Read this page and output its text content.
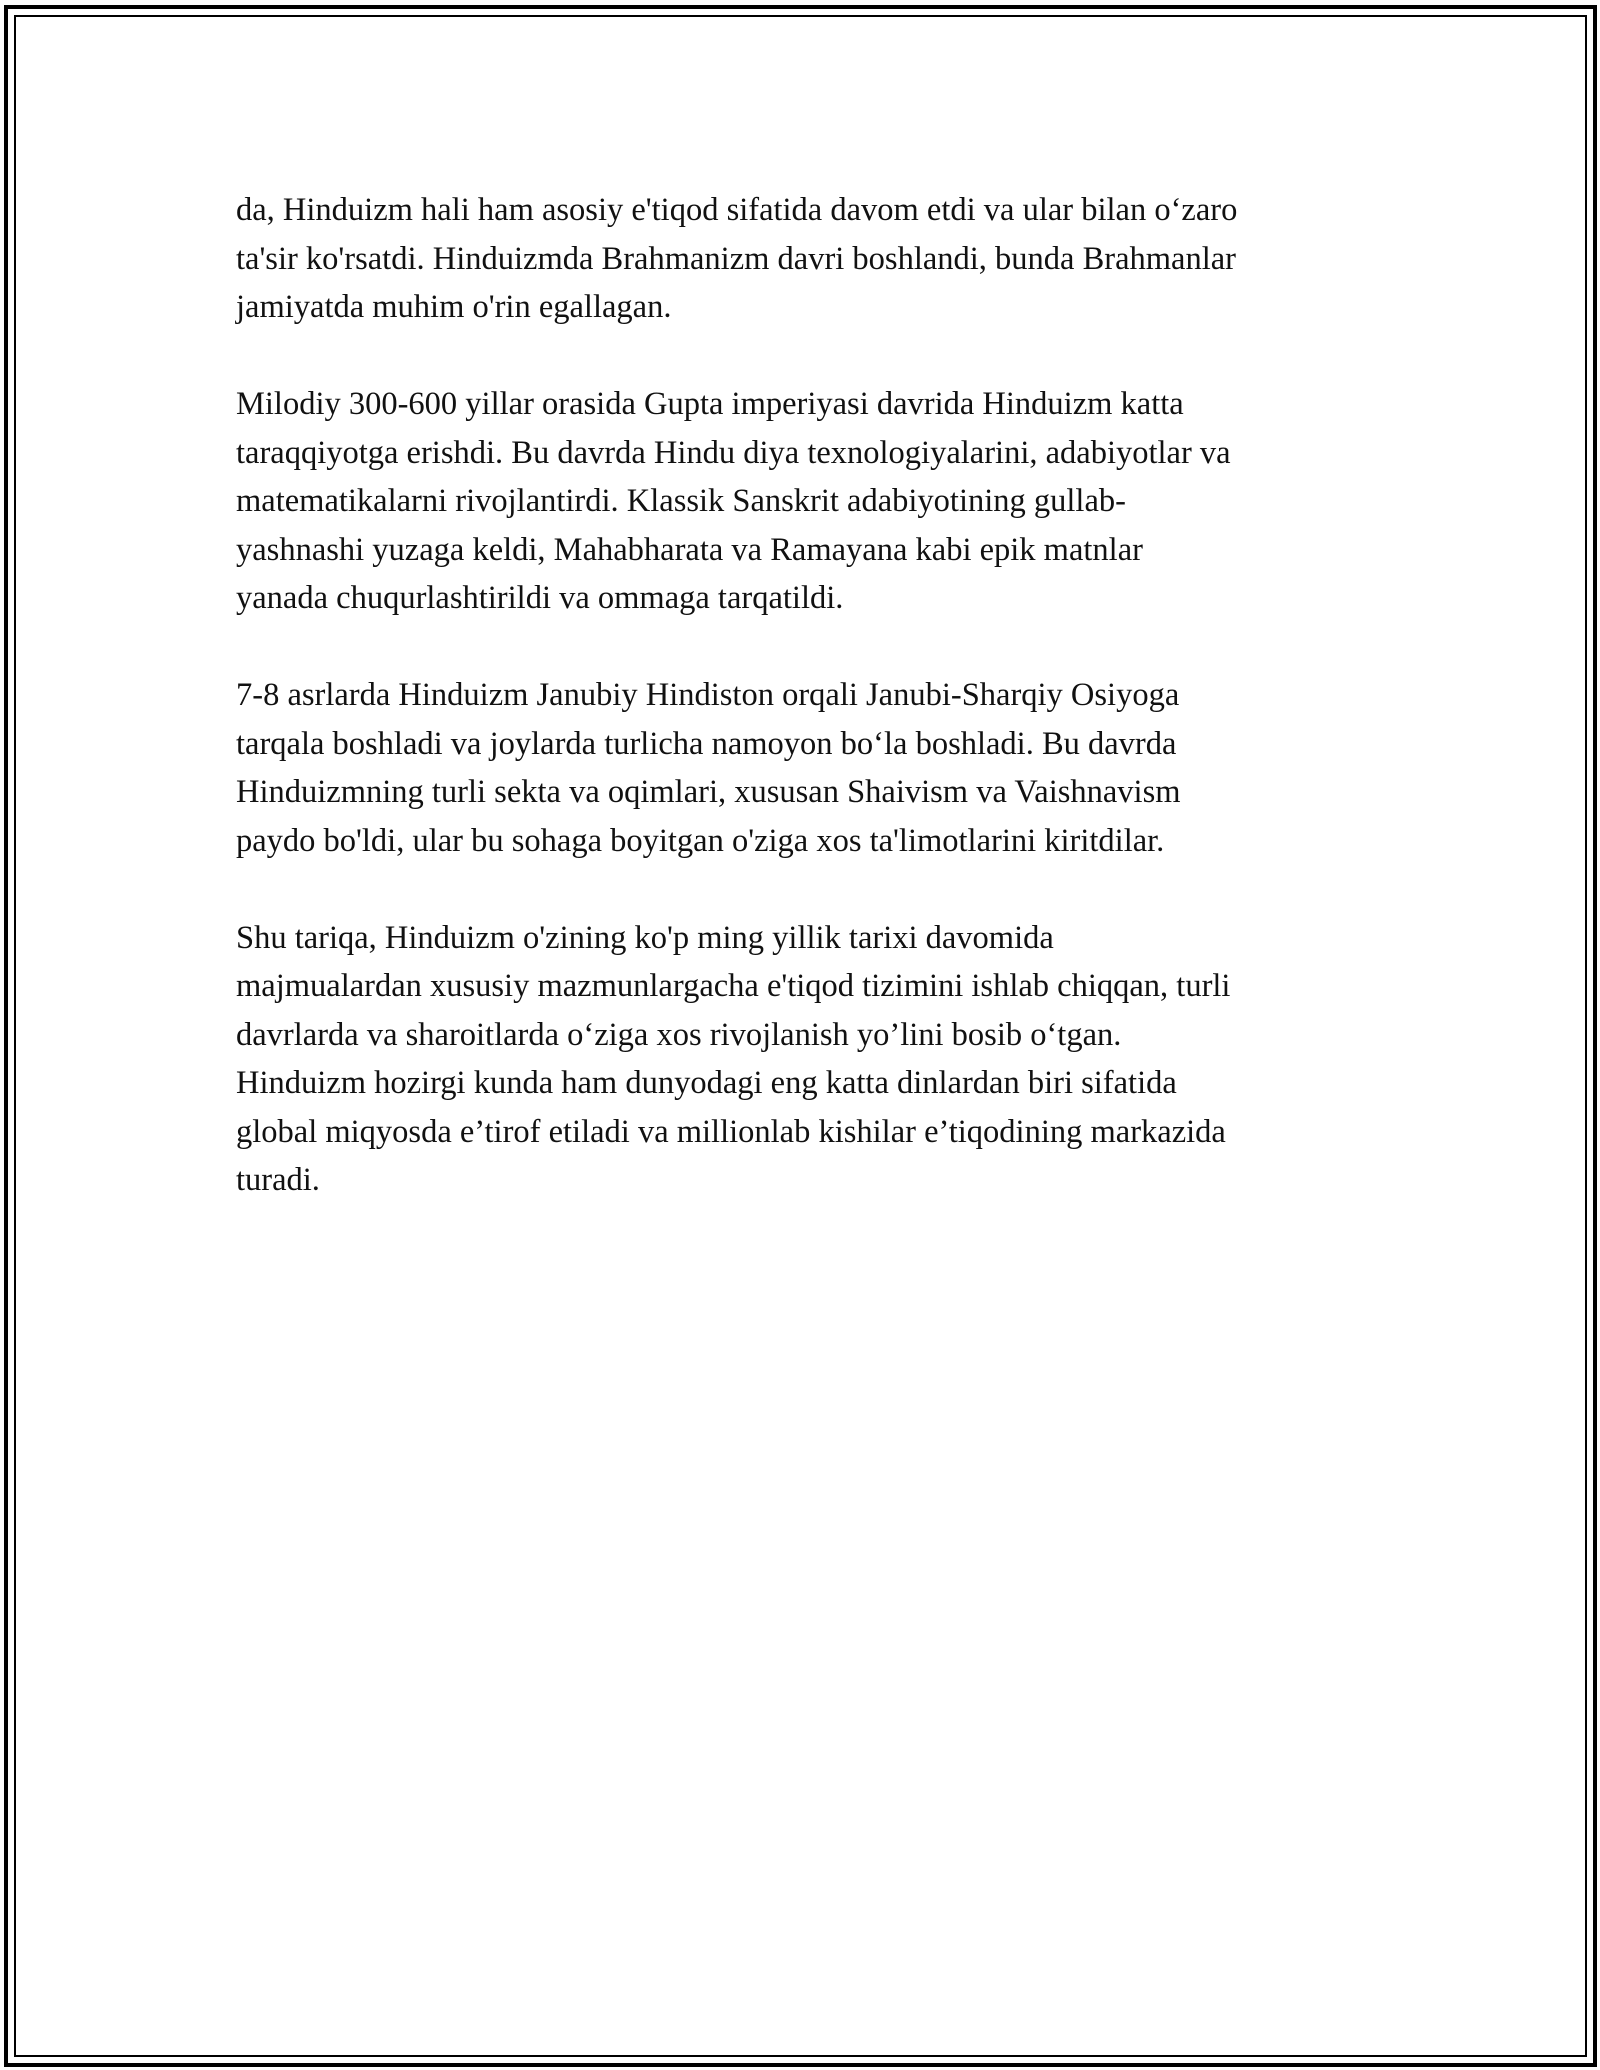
da, Hinduizm hali ham asosiy e'tiqod sifatida davom etdi va ular bilan o‘zaro
ta'sir ko'rsatdi. Hinduizmda Brahmanizm davri boshlandi, bunda Brahmanlar
jamiyatda muhim o'rin egallagan.

Milodiy 300-600 yillar orasida Gupta imperiyasi davrida Hinduizm katta
taraqqiyotga erishdi. Bu davrda Hindu diya texnologiyalarini, adabiyotlar va
matematikalarni rivojlantirdi. Klassik Sanskrit adabiyotining gullab-
yashnashi yuzaga keldi, Mahabharata va Ramayana kabi epik matnlar
yanada chuqurlashtirildi va ommaga tarqatildi.

7-8 asrlarda Hinduizm Janubiy Hindiston orqali Janubi-Sharqiy Osiyoga
tarqala boshladi va joylarda turlicha namoyon bo‘la boshladi. Bu davrda
Hinduizmning turli sekta va oqimlari, xususan Shaivism va Vaishnavism
paydo bo'ldi, ular bu sohaga boyitgan o'ziga xos ta'limotlarini kiritdilar.

Shu tariqa, Hinduizm o'zining ko'p ming yillik tarixi davomida
majmualardan xususiy mazmunlargacha e'tiqod tizimini ishlab chiqqan, turli
davrlarda va sharoitlarda o‘ziga xos rivojlanish yo’lini bosib o‘tgan.
Hinduizm hozirgi kunda ham dunyodagi eng katta dinlardan biri sifatida
global miqyosda e’tirof etiladi va millionlab kishilar e’tiqodining markazida
turadi.
